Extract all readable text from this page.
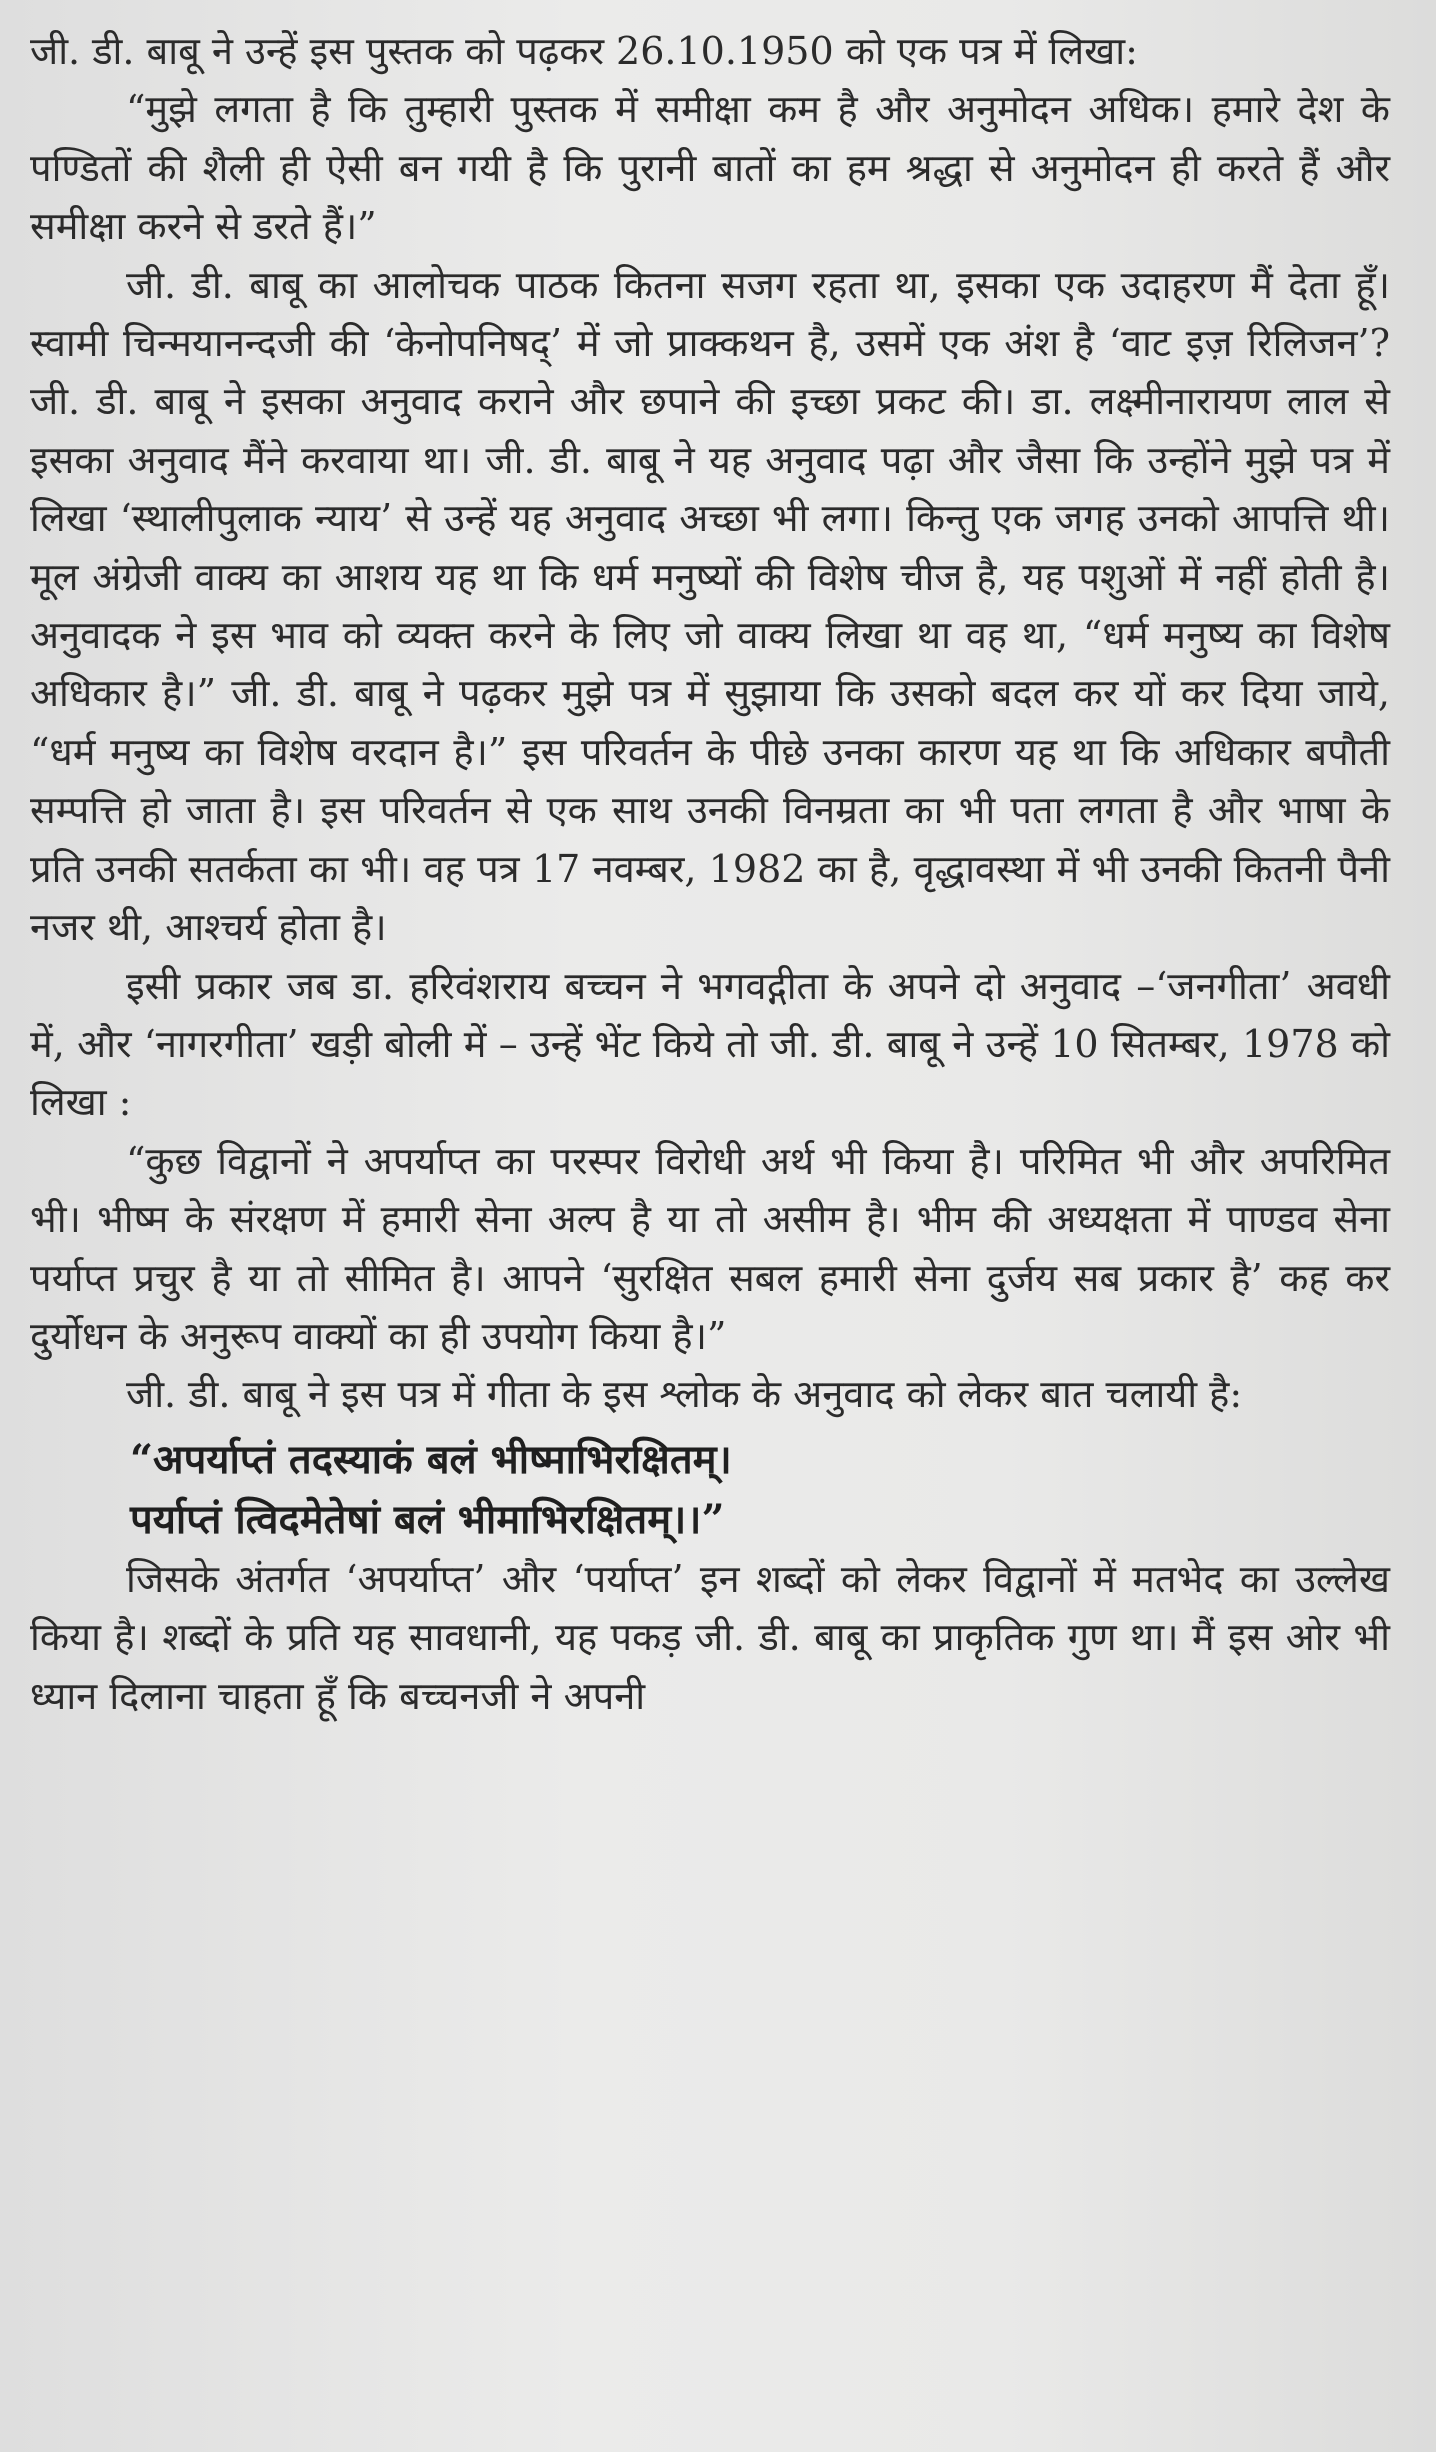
जी. डी. बाबू ने उन्हें इस पुस्तक को पढ़कर 26.10.1950 को एक पत्र में लिखा:

“मुझे लगता है कि तुम्हारी पुस्तक में समीक्षा कम है और अनुमोदन अधिक। हमारे देश के पण्डितों की शैली ही ऐसी बन गयी है कि पुरानी बातों का हम श्रद्धा से अनुमोदन ही करते हैं और समीक्षा करने से डरते हैं।”

जी. डी. बाबू का आलोचक पाठक कितना सजग रहता था, इसका एक उदाहरण मैं देता हूँ। स्वामी चिन्मयानन्दजी की ‘केनोपनिषद्’ में जो प्राक्कथन है, उसमें एक अंश है ‘वाट इज़ रिलिजन’? जी. डी. बाबू ने इसका अनुवाद कराने और छपाने की इच्छा प्रकट की। डा. लक्ष्मीनारायण लाल से इसका अनुवाद मैंने करवाया था। जी. डी. बाबू ने यह अनुवाद पढ़ा और जैसा कि उन्होंने मुझे पत्र में लिखा ‘स्थालीपुलाक न्याय’ से उन्हें यह अनुवाद अच्छा भी लगा। किन्तु एक जगह उनको आपत्ति थी। मूल अंग्रेजी वाक्य का आशय यह था कि धर्म मनुष्यों की विशेष चीज है, यह पशुओं में नहीं होती है। अनुवादक ने इस भाव को व्यक्त करने के लिए जो वाक्य लिखा था वह था, “धर्म मनुष्य का विशेष अधिकार है।” जी. डी. बाबू ने पढ़कर मुझे पत्र में सुझाया कि उसको बदल कर यों कर दिया जाये, “धर्म मनुष्य का विशेष वरदान है।” इस परिवर्तन के पीछे उनका कारण यह था कि अधिकार बपौती सम्पत्ति हो जाता है। इस परिवर्तन से एक साथ उनकी विनम्रता का भी पता लगता है और भाषा के प्रति उनकी सतर्कता का भी। वह पत्र 17 नवम्बर, 1982 का है, वृद्धावस्था में भी उनकी कितनी पैनी नजर थी, आश्चर्य होता है।

इसी प्रकार जब डा. हरिवंशराय बच्चन ने भगवद्गीता के अपने दो अनुवाद –‘जनगीता’ अवधी में, और ‘नागरगीता’ खड़ी बोली में – उन्हें भेंट किये तो जी. डी. बाबू ने उन्हें 10 सितम्बर, 1978 को लिखा :

“कुछ विद्वानों ने अपर्याप्त का परस्पर विरोधी अर्थ भी किया है। परिमित भी और अपरिमित भी। भीष्म के संरक्षण में हमारी सेना अल्प है या तो असीम है। भीम की अध्यक्षता में पाण्डव सेना पर्याप्त प्रचुर है या तो सीमित है। आपने ‘सुरक्षित सबल हमारी सेना दुर्जय सब प्रकार है’ कह कर दुर्योधन के अनुरूप वाक्यों का ही उपयोग किया है।”

जी. डी. बाबू ने इस पत्र में गीता के इस श्लोक के अनुवाद को लेकर बात चलायी है:

“अपर्याप्तं तदस्याकं बलं भीष्माभिरक्षितम्।
पर्याप्तं त्विदमेतेषां बलं भीमाभिरक्षितम्।।”

जिसके अंतर्गत ‘अपर्याप्त’ और ‘पर्याप्त’ इन शब्दों को लेकर विद्वानों में मतभेद का उल्लेख किया है। शब्दों के प्रति यह सावधानी, यह पकड़ जी. डी. बाबू का प्राकृतिक गुण था। मैं इस ओर भी ध्यान दिलाना चाहता हूँ कि बच्चनजी ने अपनी
